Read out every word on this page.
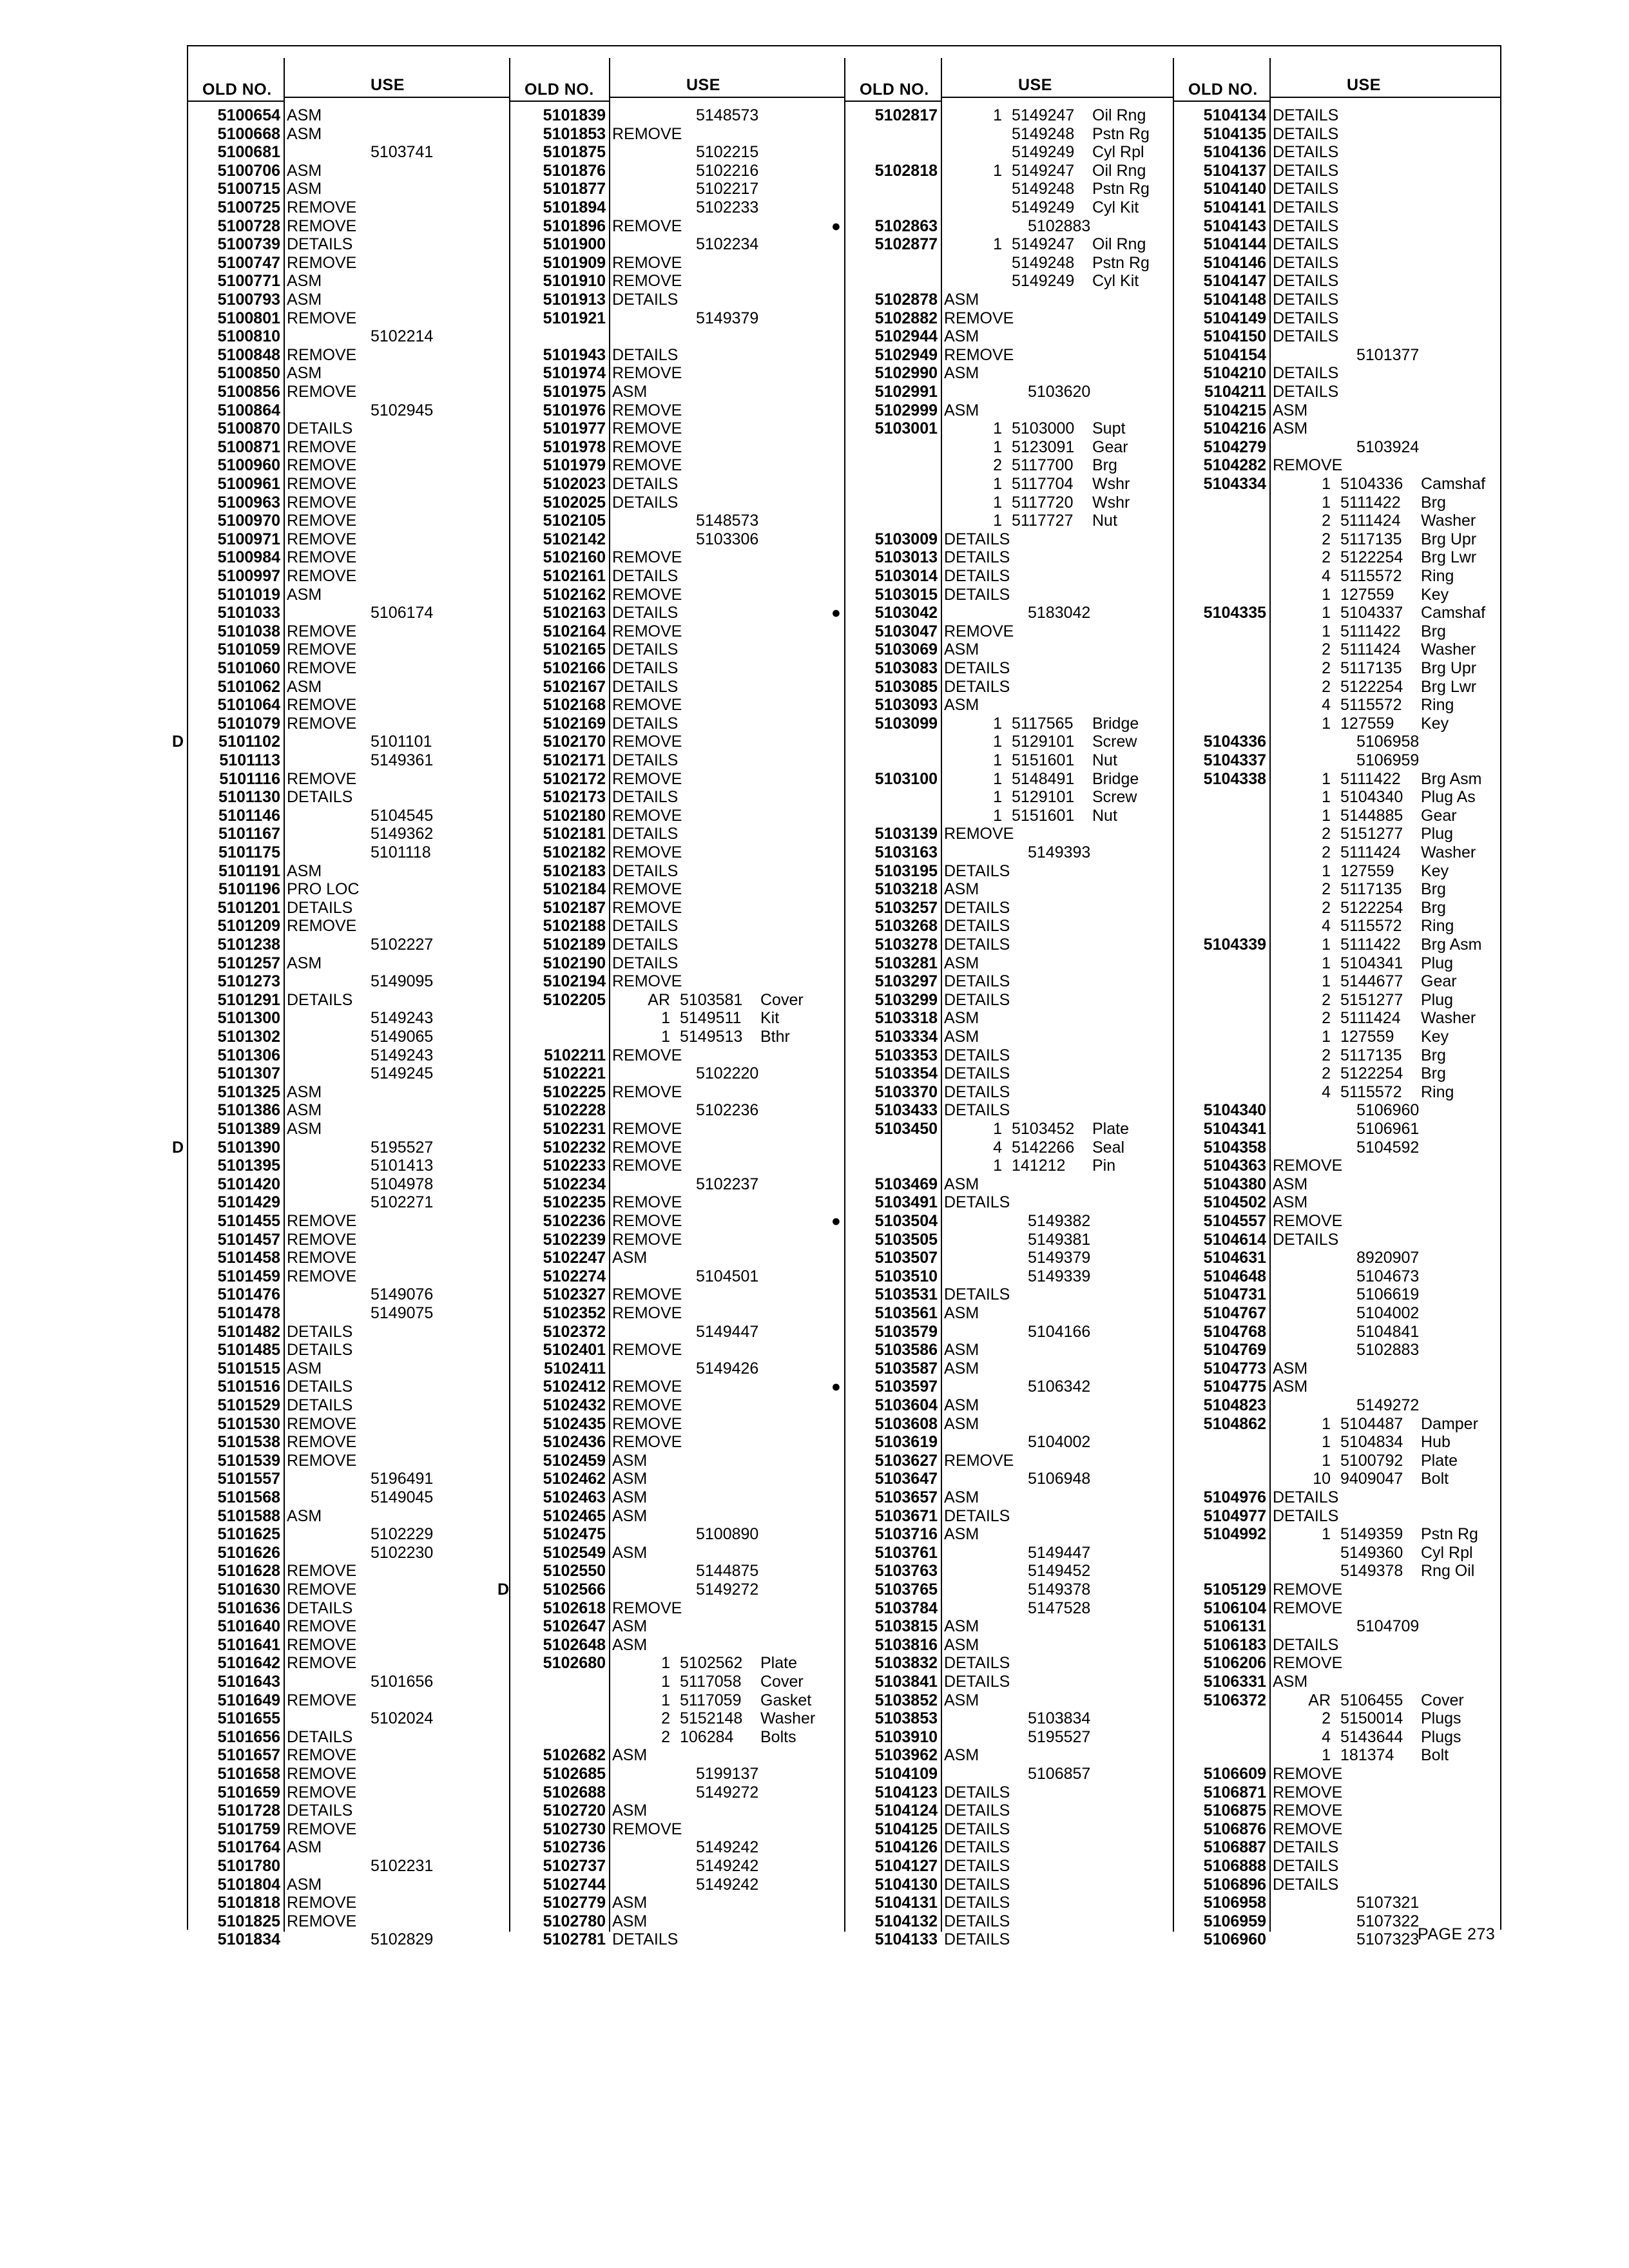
OLD NO.	USE
5100654 ASM
5100668 ASM
5100681	5103741
5100706 ASM
5100715 ASM
5100725 REMOVE
5100728 REMOVE
5100739 DETAILS
5100747 REMOVE
5100771 ASM
5100793 ASM
5100801 REMOVE
5100810	5102214
5100848 REMOVE
5100850 ASM
5100856 REMOVE
5100864	5102945
5100870 DETAILS
5100871 REMOVE
5100960 REMOVE
5100961 REMOVE
5100963 REMOVE
5100970 REMOVE
5100971 REMOVE
5100984 REMOVE
5100997 REMOVE
5101019 ASM
5101033	5106174
5101038 REMOVE
5101059 REMOVE
5101060 REMOVE
5101062 ASM
5101064 REMOVE
5101079 REMOVE
D	5101102	5101101
5101113	5149361
5101116 REMOVE
5101130 DETAILS
5101146	5104545
5101167	5149362
5101175	5101118
5101191 ASM
5101196 PRO LOC
5101201 DETAILS
5101209 REMOVE
5101238	5102227
5101257 ASM
5101273	5149095
5101291 DETAILS
5101300	5149243
5101302	5149065
5101306	5149243
5101307	5149245
5101325 ASM
5101386 ASM
5101389 ASM
D	5101390	5195527
5101395	5101413
5101420	5104978
5101429	5102271
5101455 REMOVE
5101457 REMOVE
5101458 REMOVE
5101459 REMOVE
5101476	5149076
5101478	5149075
5101482 DETAILS
5101485 DETAILS
5101515 ASM
5101516 DETAILS
5101529 DETAILS
5101530 REMOVE
5101538 REMOVE
5101539 REMOVE
5101557	5196491
5101568	5149045
5101588 ASM
5101625	5102229
5101626	5102230
5101628 REMOVE
5101630 REMOVE
5101636 DETAILS
5101640 REMOVE
5101641 REMOVE
5101642 REMOVE
5101643	5101656
5101649 REMOVE
5101655	5102024
5101656 DETAILS
5101657 REMOVE
5101658 REMOVE
5101659 REMOVE
5101728 DETAILS
5101759 REMOVE
5101764 ASM
5101780	5102231
5101804 ASM
5101818 REMOVE
5101825 REMOVE
5101834	5102829
OLD NO.	USE
5101839	5148573
5101853 REMOVE
5101875	5102215
5101876	5102216
5101877	5102217
5101894	5102233
5101896 REMOVE
5101900	5102234
5101909 REMOVE
5101910 REMOVE
5101913 DETAILS
5101921	5149379
5101943 DETAILS
5101974 REMOVE
5101975 ASM
5101976 REMOVE
5101977 REMOVE
5101978 REMOVE
5101979 REMOVE
5102023 DETAILS
5102025 DETAILS
5102105	5148573
5102142	5103306
5102160 REMOVE
5102161 DETAILS
5102162 REMOVE
5102163 DETAILS
5102164 REMOVE
5102165 DETAILS
5102166 DETAILS
5102167 DETAILS
5102168 REMOVE
5102169 DETAILS
5102170 REMOVE
5102171 DETAILS
5102172 REMOVE
5102173 DETAILS
5102180 REMOVE
5102181 DETAILS
5102182 REMOVE
5102183 DETAILS
5102184 REMOVE
5102187 REMOVE
5102188 DETAILS
5102189 DETAILS
5102190 DETAILS
5102194 REMOVE
5102205	AR 5103581 Cover
1 5149511 Kit
1 5149513 Bthr
5102211 REMOVE
5102221	5102220
5102225 REMOVE
5102228	5102236
5102231 REMOVE
5102232 REMOVE
5102233 REMOVE
5102234	5102237
5102235 REMOVE
5102236 REMOVE
5102239 REMOVE
5102247 ASM
5102274	5104501
5102327 REMOVE
5102352 REMOVE
5102372	5149447
5102401 REMOVE
5102411	5149426
5102412 REMOVE
5102432 REMOVE
5102435 REMOVE
5102436 REMOVE
5102459 ASM
5102462 ASM
5102463 ASM
5102465 ASM
5102475	5100890
5102549 ASM
5102550	5144875
D	5102566	5149272
5102618 REMOVE
5102647 ASM
5102648 ASM
5102680	1 5102562 Plate
1 5117058 Cover
1 5117059 Gasket
2 5152148 Washer
2 106284 Bolts
5102682 ASM
5102685	5199137
5102688	5149272
5102720 ASM
5102730 REMOVE
5102736	5149242
5102737	5149242
5102744	5149242
5102779 ASM
5102780 ASM
5102781 DETAILS
OLD NO.	USE
5102817	1 5149247 Oil Rng
5149248 Pstn Rg
5149249 Cyl Rpl
5102818	1 5149247 Oil Rng
5149248 Pstn Rg
5149249 Cyl Kit
●	5102863	5102883
5102877	1 5149247 Oil Rng
5149248 Pstn Rg
5149249 Cyl Kit
5102878 ASM
5102882 REMOVE
5102944 ASM
5102949 REMOVE
5102990 ASM
5102991	5103620
5102999 ASM
5103001	1 5103000 Supt
1 5123091 Gear
2 5117700 Brg
1 5117704 Wshr
1 5117720 Wshr
1 5117727 Nut
5103009 DETAILS
5103013 DETAILS
5103014 DETAILS
5103015 DETAILS
●	5103042	5183042
5103047 REMOVE
5103069 ASM
5103083 DETAILS
5103085 DETAILS
5103093 ASM
5103099	1 5117565 Bridge
1 5129101 Screw
1 5151601 Nut
5103100	1 5148491 Bridge
1 5129101 Screw
1 5151601 Nut
5103139 REMOVE
5103163	5149393
5103195 DETAILS
5103218 ASM
5103257 DETAILS
5103268 DETAILS
5103278 DETAILS
5103281 ASM
5103297 DETAILS
5103299 DETAILS
5103318 ASM
5103334 ASM
5103353 DETAILS
5103354 DETAILS
5103370 DETAILS
5103433 DETAILS
5103450	1 5103452 Plate
4 5142266 Seal
1 141212 Pin
5103469 ASM
5103491 DETAILS
●	5103504	5149382
5103505	5149381
5103507	5149379
5103510	5149339
5103531 DETAILS
5103561 ASM
5103579	5104166
5103586 ASM
5103587 ASM
●	5103597	5106342
5103604 ASM
5103608 ASM
5103619	5104002
5103627 REMOVE
5103647	5106948
5103657 ASM
5103671 DETAILS
5103716 ASM
5103761	5149447
5103763	5149452
5103765	5149378
5103784	5147528
5103815 ASM
5103816 ASM
5103832 DETAILS
5103841 DETAILS
5103852 ASM
5103853	5103834
5103910	5195527
5103962 ASM
5104109	5106857
5104123 DETAILS
5104124 DETAILS
5104125 DETAILS
5104126 DETAILS
5104127 DETAILS
5104130 DETAILS
5104131 DETAILS
5104132 DETAILS
5104133 DETAILS
OLD NO.	USE
5104134 DETAILS
5104135 DETAILS
5104136 DETAILS
5104137 DETAILS
5104140 DETAILS
5104141 DETAILS
5104143 DETAILS
5104144 DETAILS
5104146 DETAILS
5104147 DETAILS
5104148 DETAILS
5104149 DETAILS
5104150 DETAILS
5104154	5101377
5104210 DETAILS
5104211 DETAILS
5104215 ASM
5104216 ASM
5104279	5103924
5104282 REMOVE
5104334	1 5104336 Camshaf
1 5111422 Brg
2 5111424 Washer
2 5117135 Brg Upr
2 5122254 Brg Lwr
4 5115572 Ring
1 127559 Key
5104335	1 5104337 Camshaf
1 5111422 Brg
2 5111424 Washer
2 5117135 Brg Upr
2 5122254 Brg Lwr
4 5115572 Ring
1 127559 Key
5104336	5106958
5104337	5106959
5104338	1 5111422 Brg Asm
1 5104340 Plug As
1 5144885 Gear
2 5151277 Plug
2 5111424 Washer
1 127559 Key
2 5117135 Brg
2 5122254 Brg
4 5115572 Ring
5104339	1 5111422 Brg Asm
1 5104341 Plug
1 5144677 Gear
2 5151277 Plug
2 5111424 Washer
1 127559 Key
2 5117135 Brg
2 5122254 Brg
4 5115572 Ring
5104340	5106960
5104341	5106961
5104358	5104592
5104363 REMOVE
5104380 ASM
5104502 ASM
5104557 REMOVE
5104614 DETAILS
5104631	8920907
5104648	5104673
5104731	5106619
5104767	5104002
5104768	5104841
5104769	5102883
5104773 ASM
5104775 ASM
5104823	5149272
5104862	1 5104487 Damper
1 5104834 Hub
1 5100792 Plate
10 9409047 Bolt
5104976 DETAILS
5104977 DETAILS
5104992	1 5149359 Pstn Rg
5149360 Cyl Rpl
5149378 Rng Oil
5105129 REMOVE
5106104 REMOVE
5106131	5104709
5106183 DETAILS
5106206 REMOVE
5106331 ASM
5106372	AR 5106455 Cover
2 5150014 Plugs
4 5143644 Plugs
1 181374 Bolt
5106609 REMOVE
5106871 REMOVE
5106875 REMOVE
5106876 REMOVE
5106887 DETAILS
5106888 DETAILS
5106896 DETAILS
5106958	5107321
5106959	5107322
5106960	5107323
PAGE 273
